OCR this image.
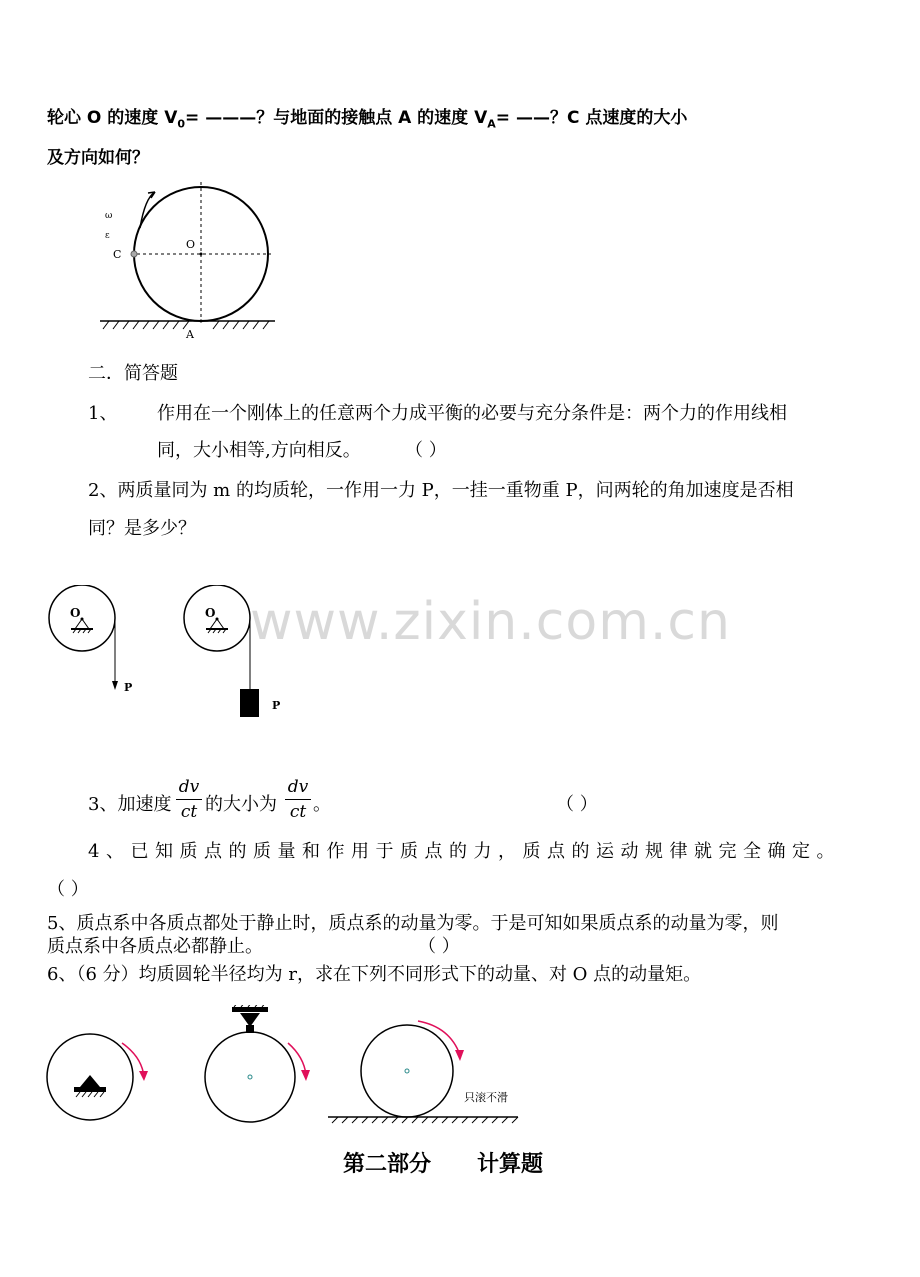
轮心 O 的速度 $V_0=$ ———？与地面的接触点 A 的速度 $V_A=$ ——？C 点速度的大小
及方向如何？
ω
ε
O
C
A
二．简答题
1、 作用在一个刚体上的任意两个力成平衡的必要与充分条件是：两个力的作用线相
同，大小相等,方向相反。 （ ）
2、两质量同为 m 的均质轮，一作用一力 P，一挂一重物重 P，问两轮的角加速度是否相
同？是多少？
www.zixin.com.cn
O
P
O
P
3、加速度
dv
ct 的大小为
dv
ct 。	（ ）
4、已知质点的质量和作用于质点的力，质点的运动规律就完全确定。
（ ）
5、质点系中各质点都处于静止时，质点系的动量为零。于是可知如果质点系的动量为零，则
质点系中各质点必都静止。	（ ）
6、（6 分）均质圆轮半径均为 r，求在下列不同形式下的动量、对 O 点的动量矩。
只滚不滑
第二部分      计算题
